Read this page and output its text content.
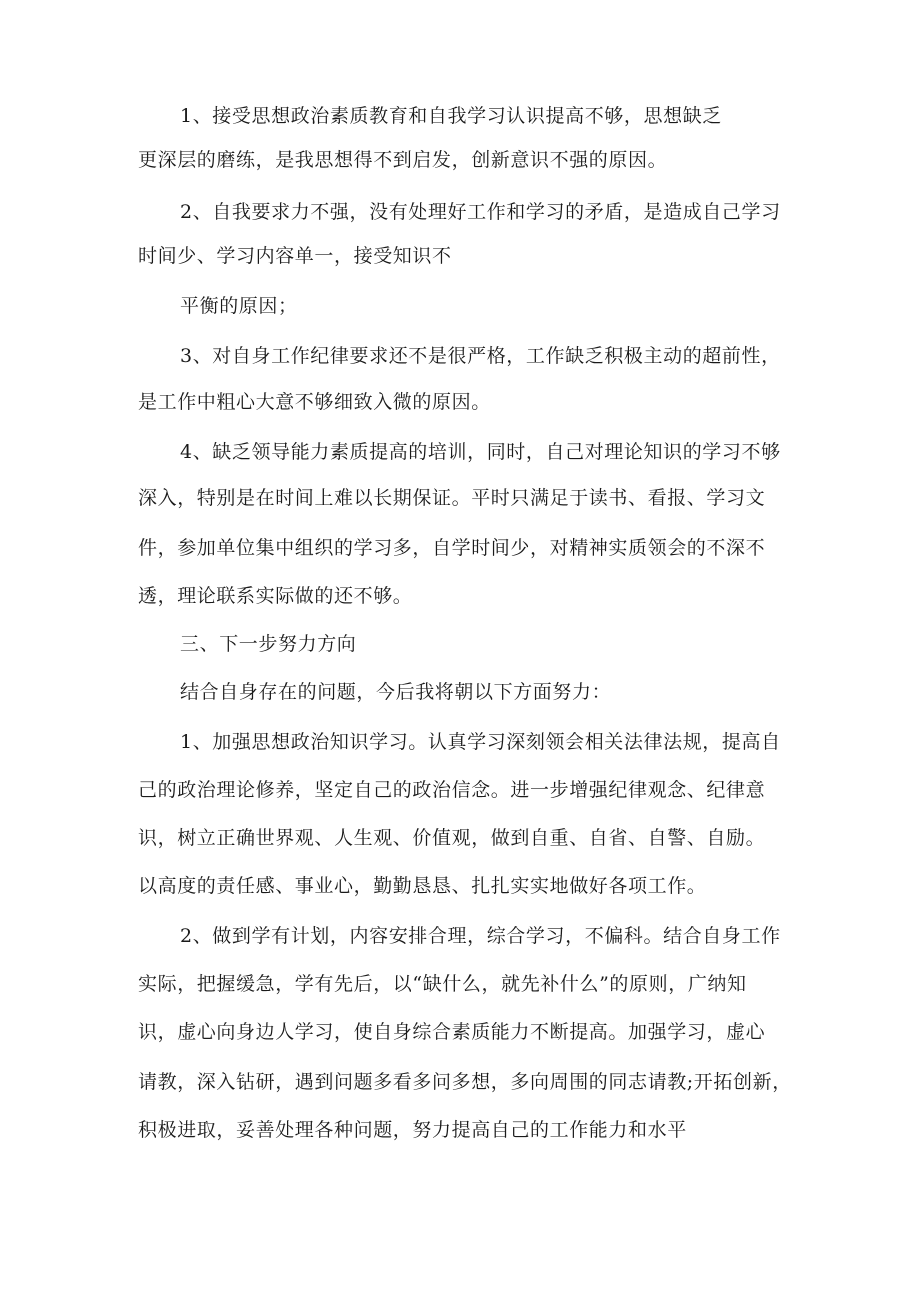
1、接受思想政治素质教育和自我学习认识提高不够，思想缺乏
更深层的磨练，是我思想得不到启发，创新意识不强的原因。
2、自我要求力不强，没有处理好工作和学习的矛盾，是造成自己学习
时间少、学习内容单一，接受知识不
平衡的原因；
3、对自身工作纪律要求还不是很严格，工作缺乏积极主动的超前性，
是工作中粗心大意不够细致入微的原因。
4、缺乏领导能力素质提高的培训，同时，自己对理论知识的学习不够
深入，特别是在时间上难以长期保证。平时只满足于读书、看报、学习文
件，参加单位集中组织的学习多，自学时间少，对精神实质领会的不深不
透，理论联系实际做的还不够。
三、下一步努力方向
结合自身存在的问题，今后我将朝以下方面努力：
1、加强思想政治知识学习。认真学习深刻领会相关法律法规，提高自
己的政治理论修养，坚定自己的政治信念。进一步增强纪律观念、纪律意
识，树立正确世界观、人生观、价值观，做到自重、自省、自警、自励。
以高度的责任感、事业心，勤勤恳恳、扎扎实实地做好各项工作。
2、做到学有计划，内容安排合理，综合学习，不偏科。结合自身工作
实际，把握缓急，学有先后，以“缺什么，就先补什么”的原则，广纳知
识，虚心向身边人学习，使自身综合素质能力不断提高。加强学习，虚心
请教，深入钻研，遇到问题多看多问多想，多向周围的同志请教;开拓创新，
积极进取，妥善处理各种问题，努力提高自己的工作能力和水平
